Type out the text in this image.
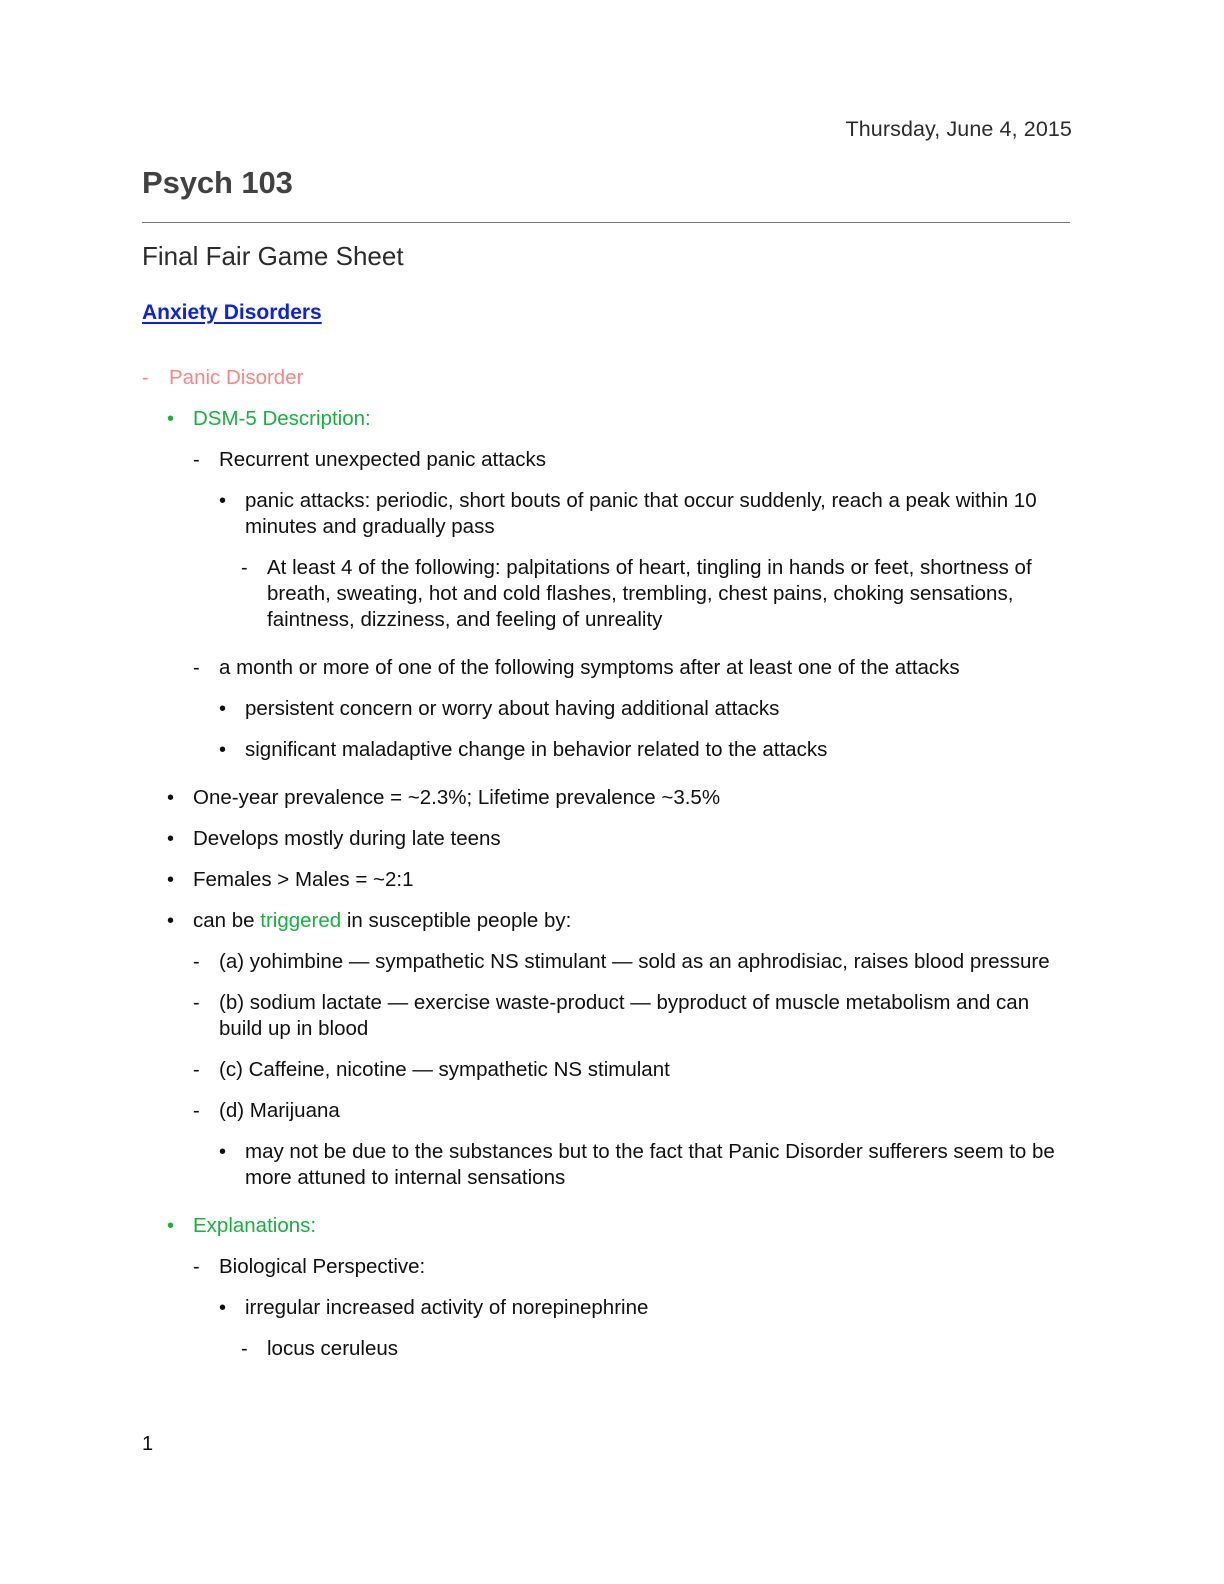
Thursday, June 4, 2015
Psych 103
Final Fair Game Sheet
Anxiety Disorders
- Panic Disorder
• DSM-5 Description:
- Recurrent unexpected panic attacks
• panic attacks: periodic, short bouts of panic that occur suddenly, reach a peak within 10 minutes and gradually pass
- At least 4 of the following: palpitations of heart, tingling in hands or feet, shortness of breath, sweating, hot and cold flashes, trembling, chest pains, choking sensations, faintness, dizziness, and feeling of unreality
- a month or more of one of the following symptoms after at least one of the attacks
• persistent concern or worry about having additional attacks
• significant maladaptive change in behavior related to the attacks
• One-year prevalence = ~2.3%; Lifetime prevalence ~3.5%
• Develops mostly during late teens
• Females > Males = ~2:1
• can be triggered in susceptible people by:
- (a) yohimbine — sympathetic NS stimulant — sold as an aphrodisiac, raises blood pressure
- (b) sodium lactate — exercise waste-product — byproduct of muscle metabolism and can build up in blood
- (c) Caffeine, nicotine — sympathetic NS stimulant
- (d) Marijuana
• may not be due to the substances but to the fact that Panic Disorder sufferers seem to be more attuned to internal sensations
• Explanations:
- Biological Perspective:
• irregular increased activity of norepinephrine
- locus ceruleus
1
